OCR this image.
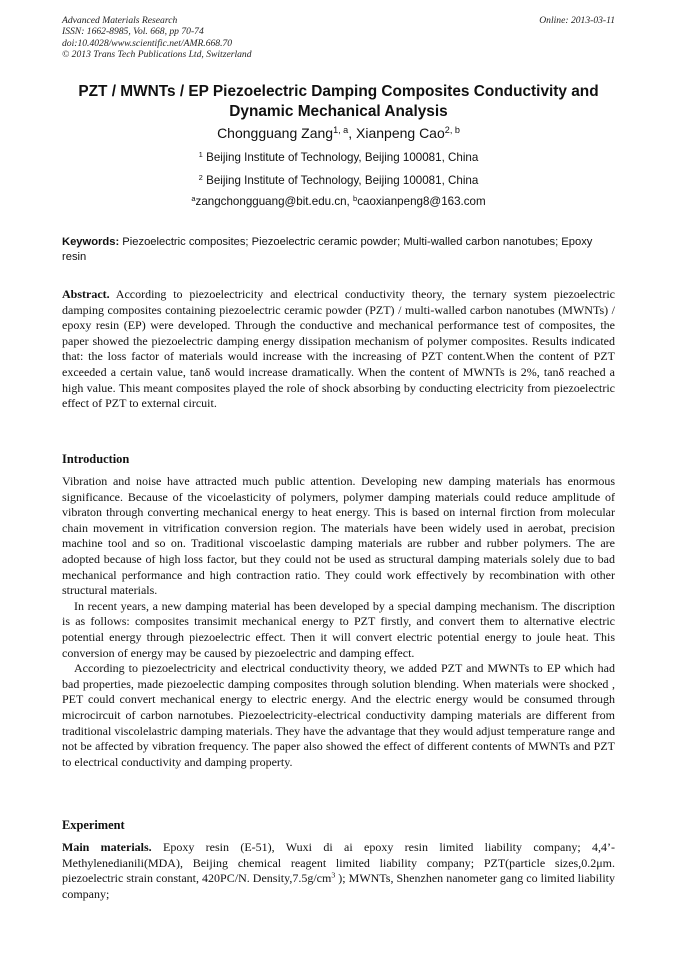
Advanced Materials Research
ISSN: 1662-8985, Vol. 668, pp 70-74
doi:10.4028/www.scientific.net/AMR.668.70
© 2013 Trans Tech Publications Ltd, Switzerland
Online: 2013-03-11
PZT / MWNTs / EP Piezoelectric Damping Composites Conductivity and
Dynamic Mechanical Analysis
Chongguang Zang$^{1, a}$, Xianpeng Cao$^{2, b}$
$^1$ Beijing Institute of Technology, Beijing 100081, China
$^2$ Beijing Institute of Technology, Beijing 100081, China
$^a$zangchongguang@bit.edu.cn, $^b$caoxianpeng8@163.com
Keywords: Piezoelectric composites; Piezoelectric ceramic powder; Multi-walled carbon nanotubes; Epoxy resin

Abstract. According to piezoelectricity and electrical conductivity theory, the ternary system piezoelectric damping composites containing piezoelectric ceramic powder (PZT) / multi-walled carbon nanotubes (MWNTs) / epoxy resin (EP) were developed. Through the conductive and mechanical performance test of composites, the paper showed the piezoelectric damping energy dissipation mechanism of polymer composites. Results indicated that: the loss factor of materials would increase with the increasing of PZT content.When the content of PZT exceeded a certain value, tanδ would increase dramatically. When the content of MWNTs is 2%, tanδ reached a high value. This meant composites played the role of shock absorbing by conducting electricity from piezoelectric effect of PZT to external circuit.

Introduction

Vibration and noise have attracted much public attention. Developing new damping materials has enormous significance. Because of the vicoelasticity of polymers, polymer damping materials could reduce amplitude of vibraton through converting mechanical energy to heat energy. This is based on internal firction from molecular chain movement in vitrification conversion region. The materials have been widely used in aerobat, precision machine tool and so on. Traditional viscoelastic damping materials are rubber and rubber polymers. The are adopted because of high loss factor, but they could not be used as structural damping materials solely due to bad mechanical performance and high contraction ratio. They could work effectively by recombination with other structural materials.

In recent years, a new damping material has been developed by a special damping mechanism. The discription is as follows: composites transimit mechanical energy to PZT firstly, and convert them to alternative electric potential energy through piezoelectric effect. Then it will convert electric potential energy to joule heat. This conversion of energy may be caused by piezoelectric and damping effect.

According to piezoelectricity and electrical conductivity theory, we added PZT and MWNTs to EP which had bad properties, made piezoelectic damping composites through solution blending. When materials were shocked , PET could convert mechanical energy to electric energy. And the electric energy would be consumed through microcircuit of carbon narnotubes. Piezoelectricity-electrical conductivity damping materials are different from traditional viscolelastric damping materials. They have the advantage that they would adjust temperature range and not be affected by vibration frequency. The paper also showed the effect of different contents of MWNTs and PZT to electrical conductivity and damping property.

Experiment

Main materials. Epoxy resin (E-51), Wuxi di ai epoxy resin limited liability company; 4,4’-Methylenedianili(MDA), Beijing chemical reagent limited liability company; PZT(particle sizes,0.2μm. piezoelectric strain constant, 420PC/N. $Density,7.5g/cm^3$ ); MWNTs, Shenzhen nanometer gang co limited liability company;
